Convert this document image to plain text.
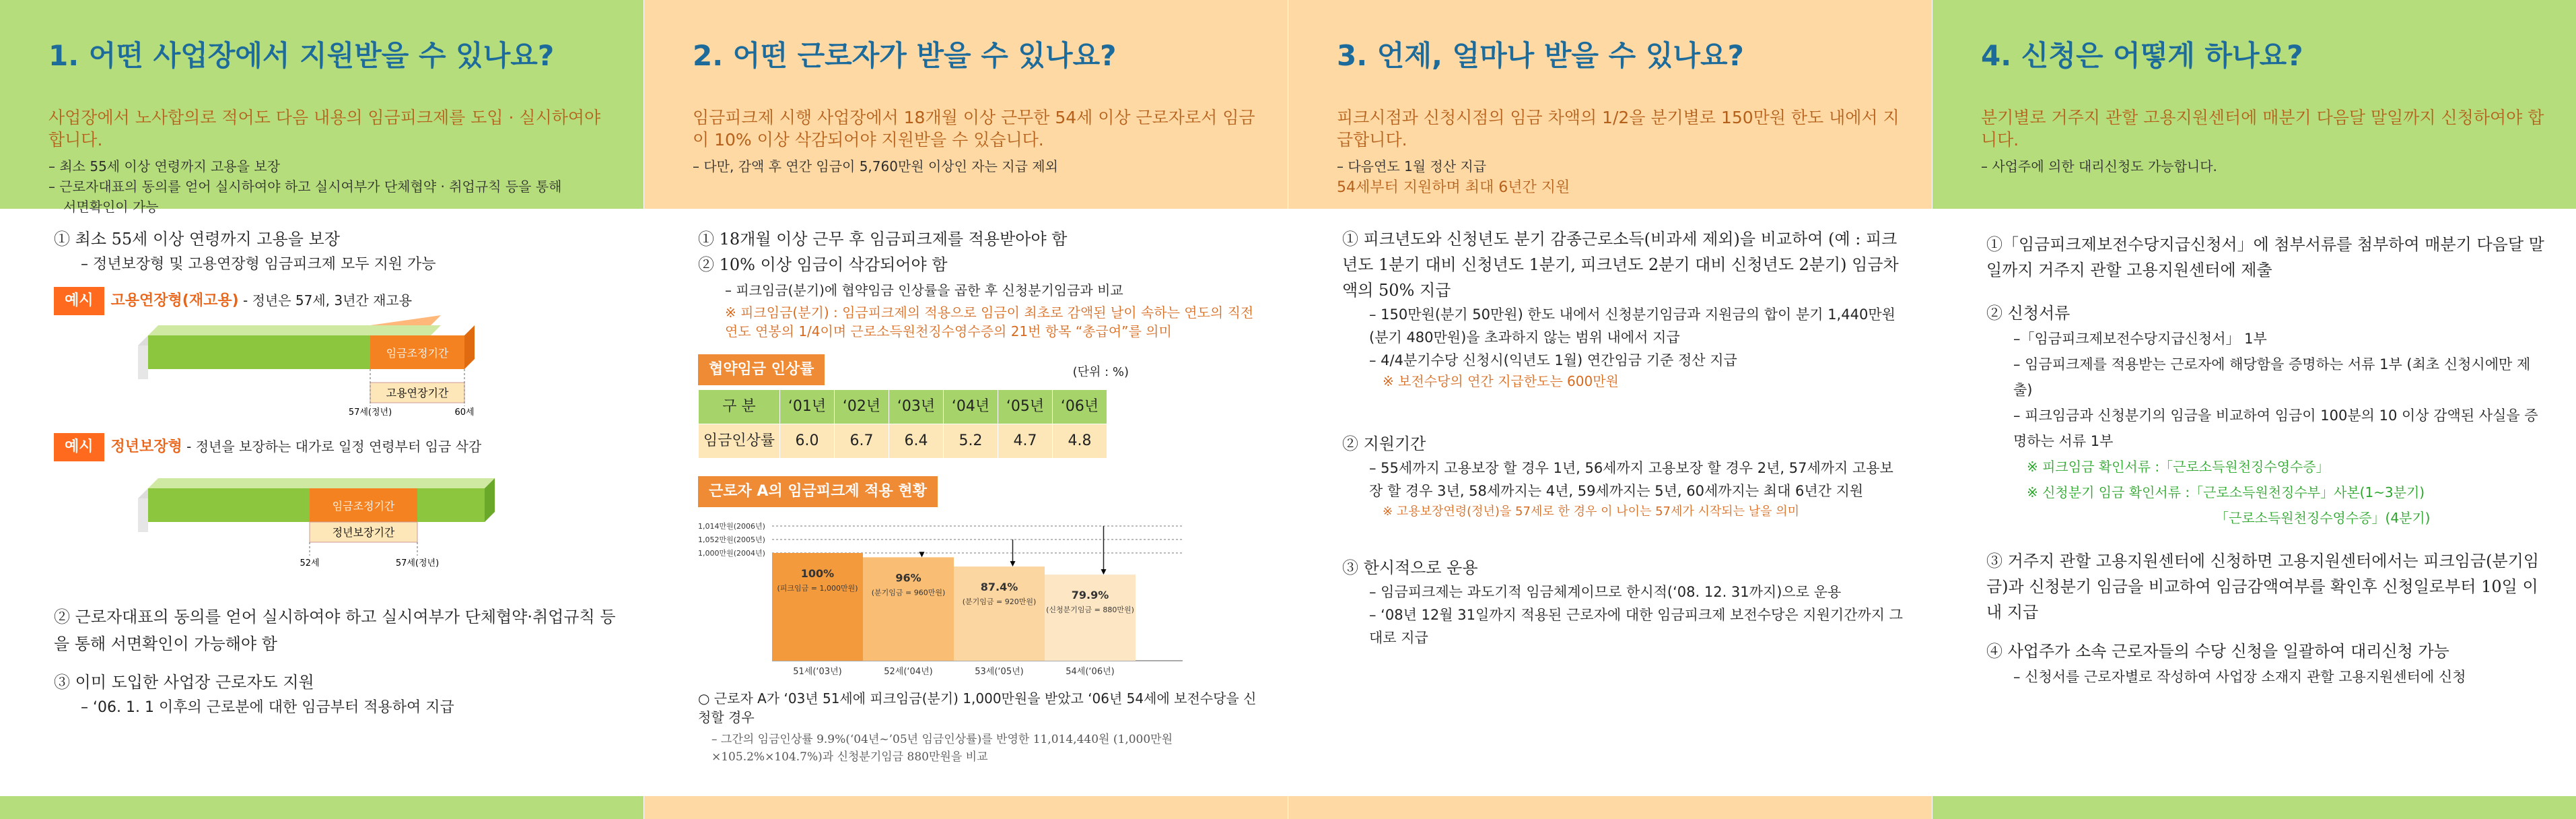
1. 어떤 사업장에서 지원받을 수 있나요?

사업장에서 노사합의로 적어도 다음 내용의 임금피크제를 도입 · 실시하여야 합니다.

– 최소 55세 이상 연령까지 고용을 보장

– 근로자대표의 동의를 얻어 실시하여야 하고 실시여부가 단체협약 · 취업규칙 등을 통해

서면확인이 가능

① 최소 55세 이상 연령까지 고용을 보장

– 정년보장형 및 고용연장형 임금피크제 모두 지원 가능

예시 고용연장형(재고용) - 정년은 57세, 3년간 재고용

임금조정기간
고용연장기간
57세(정년)	60세

예시 정년보장형 - 정년을 보장하는 대가로 일정 연령부터 임금 삭감

임금조정기간
정년보장기간
52세	57세(정년)

② 근로자대표의 동의를 얻어 실시하여야 하고 실시여부가 단체협약·취업규칙 등을 통해 서면확인이 가능해야 함

③ 이미 도입한 사업장 근로자도 지원

– ‘06. 1. 1 이후의 근로분에 대한 임금부터 적용하여 지급

2. 어떤 근로자가 받을 수 있나요?

임금피크제 시행 사업장에서 18개월 이상 근무한 54세 이상 근로자로서 임금이 10% 이상 삭감되어야 지원받을 수 있습니다.

– 다만, 감액 후 연간 임금이 5,760만원 이상인 자는 지급 제외

① 18개월 이상 근무 후 임금피크제를 적용받아야 함

② 10% 이상 임금이 삭감되어야 함

– 피크임금(분기)에 협약임금 인상률을 곱한 후 신청분기임금과 비교

※ 피크임금(분기) : 임금피크제의 적용으로 임금이 최초로 감액된 날이 속하는 연도의 직전연도 연봉의 1/4이며 근로소득원천징수영수증의 21번 항목 “총급여”를 의미

협약임금 인상률	(단위 : %)
구 분	‘01년	‘02년	‘03년	‘04년	‘05년	‘06년
임금인상률	6.0	6.7	6.4	5.2	4.7	4.8
근로자 A의 임금피크제 적용 현황
1,014만원(2006년)
1,052만원(2005년)
1,000만원(2004년)
100%
(피크임금 = 1,000만원)
51세(‘03년)
96%
(분기임금 = 960만원)
52세(‘04년)
87.4%
(분기임금 = 920만원)
53세(‘05년)
79.9%
(신청분기임금 = 880만원)
54세(‘06년)

○ 근로자 A가 ‘03년 51세에 피크임금(분기) 1,000만원을 받았고 ‘06년 54세에 보전수당을 신청할 경우

– 그간의 임금인상률 9.9%(‘04년~’05년 임금인상률)를 반영한 11,014,440원 (1,000만원×105.2%×104.7%)과 신청분기임금 880만원을 비교

3. 언제, 얼마나 받을 수 있나요?

피크시점과 신청시점의 임금 차액의 1/2을 분기별로 150만원 한도 내에서 지급합니다.

– 다음연도 1월 정산 지급

54세부터 지원하며 최대 6년간 지원

① 피크년도와 신청년도 분기 감종근로소득(비과세 제외)을 비교하여 (예 : 피크년도 1분기 대비 신청년도 1분기, 피크년도 2분기 대비 신청년도 2분기) 임금차액의 50% 지급

– 150만원(분기 50만원) 한도 내에서 신청분기임금과 지원금의 합이 분기 1,440만원(분기 480만원)을 초과하지 않는 범위 내에서 지급

– 4/4분기수당 신청시(익년도 1월) 연간임금 기준 정산 지급

※ 보전수당의 연간 지급한도는 600만원

② 지원기간

– 55세까지 고용보장 할 경우 1년, 56세까지 고용보장 할 경우 2년, 57세까지 고용보장 할 경우 3년, 58세까지는 4년, 59세까지는 5년, 60세까지는 최대 6년간 지원

※ 고용보장연령(정년)을 57세로 한 경우 이 나이는 57세가 시작되는 날을 의미

③ 한시적으로 운용

– 임금피크제는 과도기적 임금체계이므로 한시적(‘08. 12. 31까지)으로 운용

– ‘08년 12월 31일까지 적용된 근로자에 대한 임금피크제 보전수당은 지원기간까지 그대로 지급

4. 신청은 어떻게 하나요?

분기별로 거주지 관할 고용지원센터에 매분기 다음달 말일까지 신청하여야 합니다.

– 사업주에 의한 대리신청도 가능합니다.

①「임금피크제보전수당지급신청서」에 첨부서류를 첨부하여 매분기 다음달 말일까지 거주지 관할 고용지원센터에 제출

② 신청서류

–「임금피크제보전수당지급신청서」 1부

– 임금피크제를 적용받는 근로자에 해당함을 증명하는 서류 1부 (최초 신청시에만 제출)

– 피크임금과 신청분기의 임금을 비교하여 임금이 100분의 10 이상 감액된 사실을 증명하는 서류 1부

※ 피크임금 확인서류 :「근로소득원천징수영수증」

※ 신청분기 임금 확인서류 :「근로소득원천징수부」사본(1~3분기)

「근로소득원천징수영수증」(4분기)

③ 거주지 관할 고용지원센터에 신청하면 고용지원센터에서는 피크임금(분기임금)과 신청분기 임금을 비교하여 임금감액여부를 확인후 신청일로부터 10일 이내 지급

④ 사업주가 소속 근로자들의 수당 신청을 일괄하여 대리신청 가능

– 신청서를 근로자별로 작성하여 사업장 소재지 관할 고용지원센터에 신청
